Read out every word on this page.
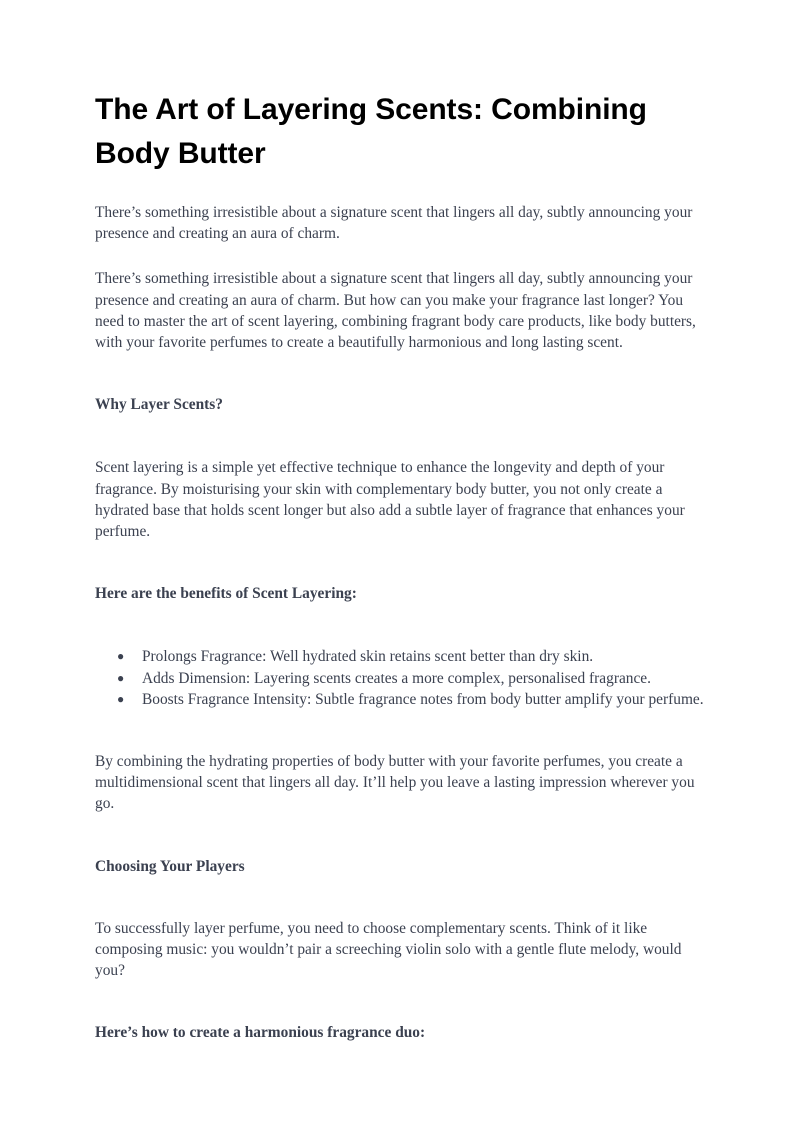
The Art of Layering Scents: Combining Body Butter

There’s something irresistible about a signature scent that lingers all day, subtly announcing your presence and creating an aura of charm.

There’s something irresistible about a signature scent that lingers all day, subtly announcing your presence and creating an aura of charm. But how can you make your fragrance last longer? You need to master the art of scent layering, combining fragrant body care products, like body butters, with your favorite perfumes to create a beautifully harmonious and long lasting scent.

Why Layer Scents?

Scent layering is a simple yet effective technique to enhance the longevity and depth of your fragrance. By moisturising your skin with complementary body butter, you not only create a hydrated base that holds scent longer but also add a subtle layer of fragrance that enhances your perfume.

Here are the benefits of Scent Layering:
● Prolongs Fragrance: Well hydrated skin retains scent better than dry skin.
● Adds Dimension: Layering scents creates a more complex, personalised fragrance.
● Boosts Fragrance Intensity: Subtle fragrance notes from body butter amplify your perfume.

By combining the hydrating properties of body butter with your favorite perfumes, you create a multidimensional scent that lingers all day. It’ll help you leave a lasting impression wherever you go.

Choosing Your Players

To successfully layer perfume, you need to choose complementary scents. Think of it like composing music: you wouldn’t pair a screeching violin solo with a gentle flute melody, would you?

Here’s how to create a harmonious fragrance duo:
